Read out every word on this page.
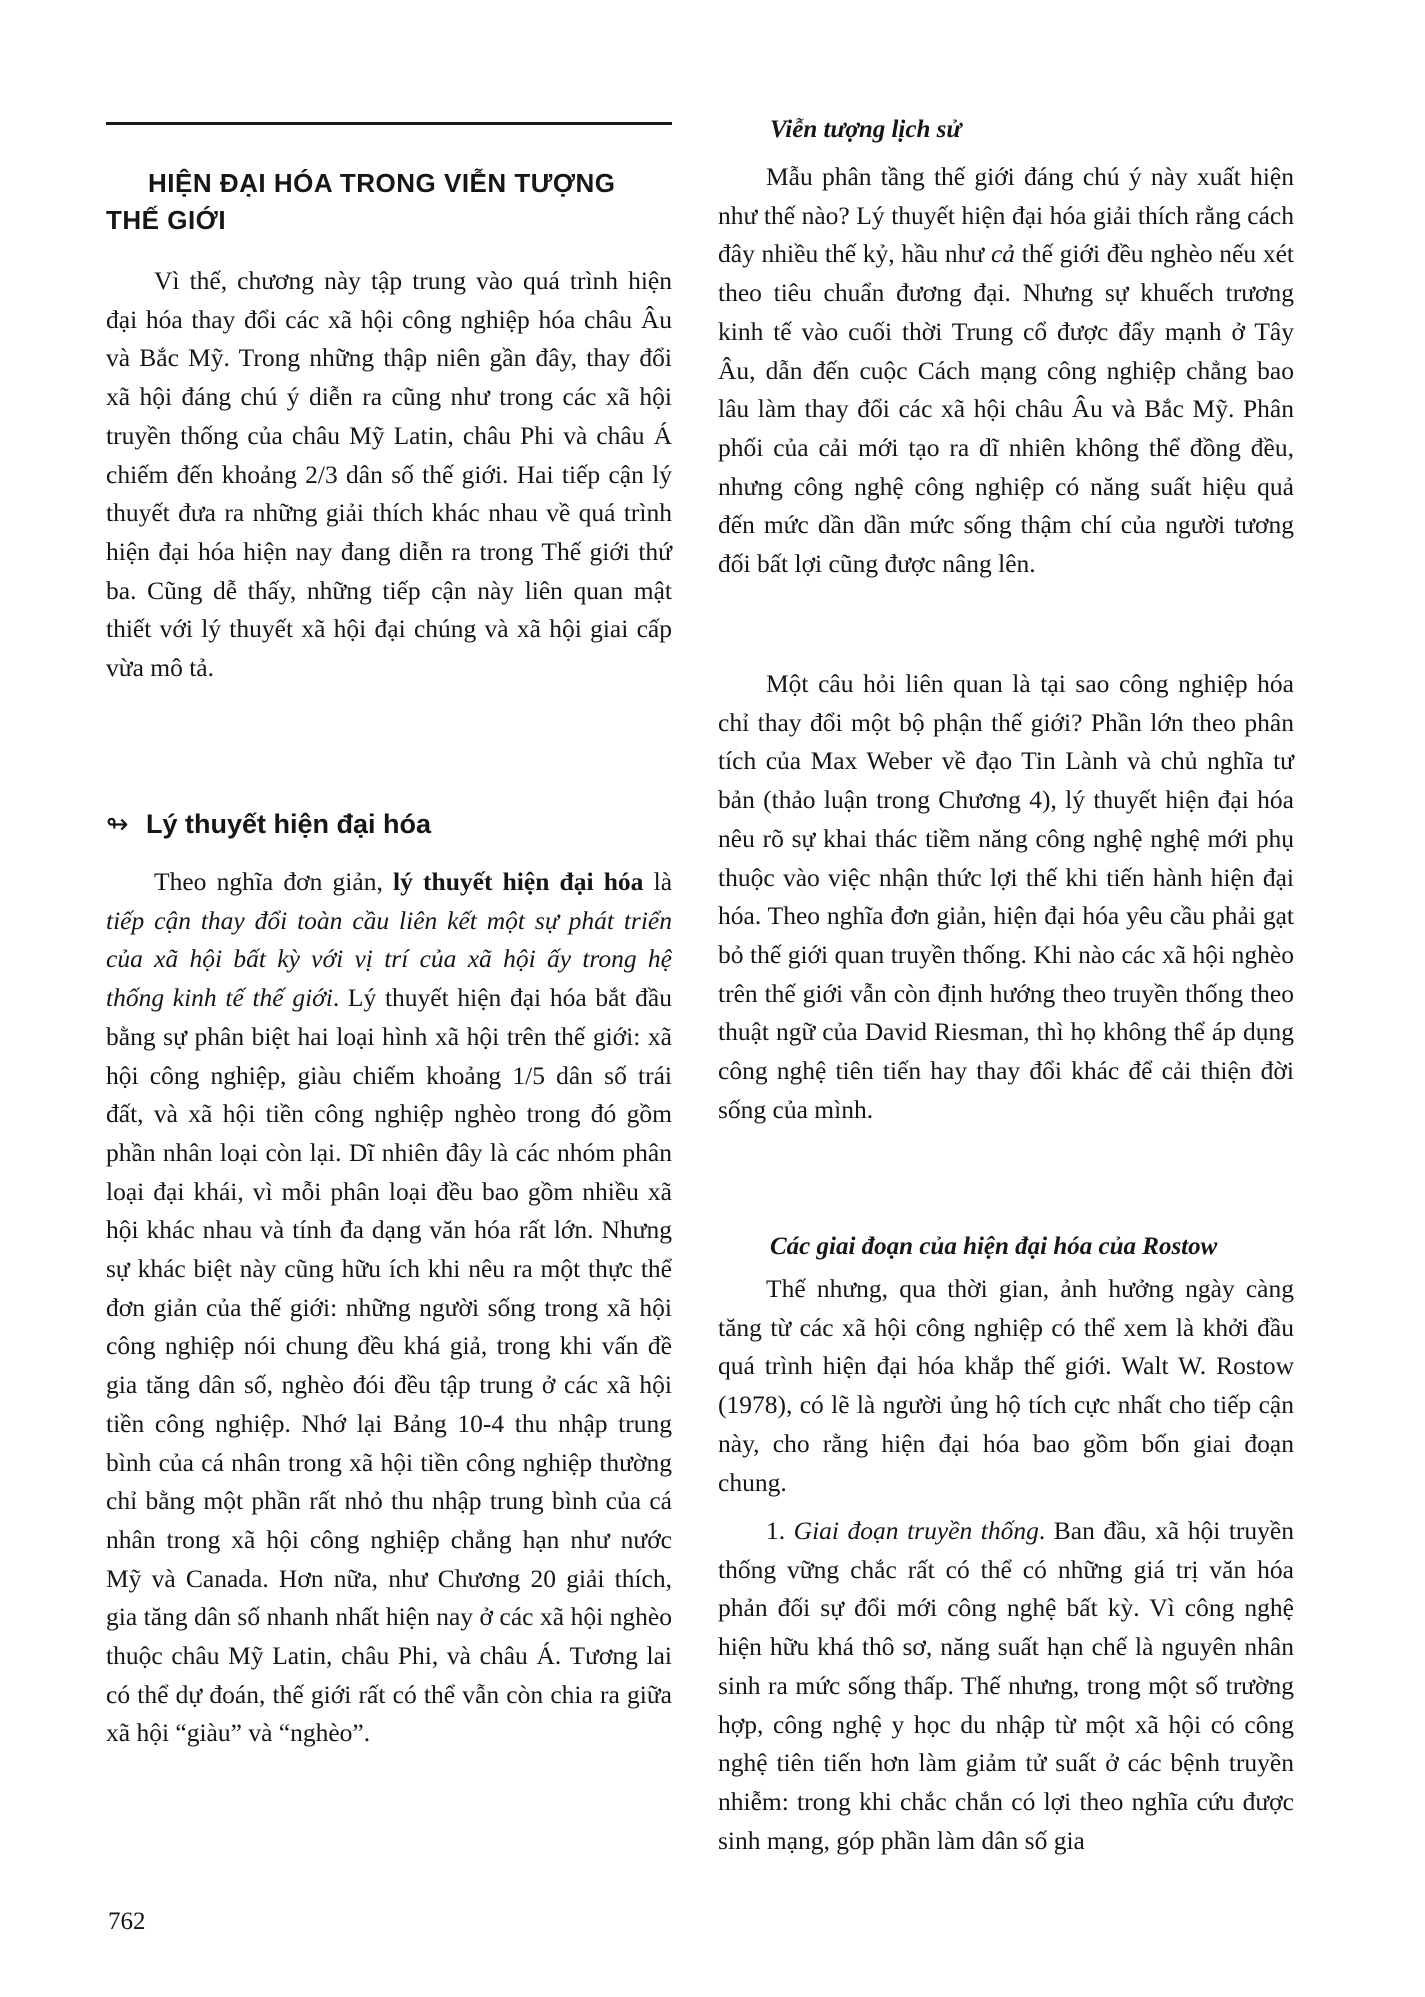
HIỆN ĐẠI HÓA TRONG VIỄN TƯỢNG
THẾ GIỚI

Vì thế, chương này tập trung vào quá trình hiện đại hóa thay đổi các xã hội công nghiệp hóa châu Âu và Bắc Mỹ. Trong những thập niên gần đây, thay đổi xã hội đáng chú ý diễn ra cũng như trong các xã hội truyền thống của châu Mỹ Latin, châu Phi và châu Á chiếm đến khoảng 2/3 dân số thế giới. Hai tiếp cận lý thuyết đưa ra những giải thích khác nhau về quá trình hiện đại hóa hiện nay đang diễn ra trong Thế giới thứ ba. Cũng dễ thấy, những tiếp cận này liên quan mật thiết với lý thuyết xã hội đại chúng và xã hội giai cấp vừa mô tả.

↬ Lý thuyết hiện đại hóa

Theo nghĩa đơn giản, lý thuyết hiện đại hóa là tiếp cận thay đổi toàn cầu liên kết một sự phát triển của xã hội bất kỳ với vị trí của xã hội ấy trong hệ thống kinh tế thế giới. Lý thuyết hiện đại hóa bắt đầu bằng sự phân biệt hai loại hình xã hội trên thế giới: xã hội công nghiệp, giàu chiếm khoảng 1/5 dân số trái đất, và xã hội tiền công nghiệp nghèo trong đó gồm phần nhân loại còn lại. Dĩ nhiên đây là các nhóm phân loại đại khái, vì mỗi phân loại đều bao gồm nhiều xã hội khác nhau và tính đa dạng văn hóa rất lớn. Nhưng sự khác biệt này cũng hữu ích khi nêu ra một thực thể đơn giản của thế giới: những người sống trong xã hội công nghiệp nói chung đều khá giả, trong khi vấn đề gia tăng dân số, nghèo đói đều tập trung ở các xã hội tiền công nghiệp. Nhớ lại Bảng 10-4 thu nhập trung bình của cá nhân trong xã hội tiền công nghiệp thường chỉ bằng một phần rất nhỏ thu nhập trung bình của cá nhân trong xã hội công nghiệp chẳng hạn như nước Mỹ và Canada. Hơn nữa, như Chương 20 giải thích, gia tăng dân số nhanh nhất hiện nay ở các xã hội nghèo thuộc châu Mỹ Latin, châu Phi, và châu Á. Tương lai có thể dự đoán, thế giới rất có thể vẫn còn chia ra giữa xã hội “giàu” và “nghèo”.

762

Viễn tượng lịch sử

Mẫu phân tầng thế giới đáng chú ý này xuất hiện như thế nào? Lý thuyết hiện đại hóa giải thích rằng cách đây nhiều thế kỷ, hầu như cả thế giới đều nghèo nếu xét theo tiêu chuẩn đương đại. Nhưng sự khuếch trương kinh tế vào cuối thời Trung cổ được đẩy mạnh ở Tây Âu, dẫn đến cuộc Cách mạng công nghiệp chẳng bao lâu làm thay đổi các xã hội châu Âu và Bắc Mỹ. Phân phối của cải mới tạo ra dĩ nhiên không thể đồng đều, nhưng công nghệ công nghiệp có năng suất hiệu quả đến mức dần dần mức sống thậm chí của người tương đối bất lợi cũng được nâng lên.

Một câu hỏi liên quan là tại sao công nghiệp hóa chỉ thay đổi một bộ phận thế giới? Phần lớn theo phân tích của Max Weber về đạo Tin Lành và chủ nghĩa tư bản (thảo luận trong Chương 4), lý thuyết hiện đại hóa nêu rõ sự khai thác tiềm năng công nghệ nghệ mới phụ thuộc vào việc nhận thức lợi thế khi tiến hành hiện đại hóa. Theo nghĩa đơn giản, hiện đại hóa yêu cầu phải gạt bỏ thế giới quan truyền thống. Khi nào các xã hội nghèo trên thế giới vẫn còn định hướng theo truyền thống theo thuật ngữ của David Riesman, thì họ không thể áp dụng công nghệ tiên tiến hay thay đổi khác để cải thiện đời sống của mình.

Các giai đoạn của hiện đại hóa của Rostow

Thế nhưng, qua thời gian, ảnh hưởng ngày càng tăng từ các xã hội công nghiệp có thể xem là khởi đầu quá trình hiện đại hóa khắp thế giới. Walt W. Rostow (1978), có lẽ là người ủng hộ tích cực nhất cho tiếp cận này, cho rằng hiện đại hóa bao gồm bốn giai đoạn chung.

1. Giai đoạn truyền thống. Ban đầu, xã hội truyền thống vững chắc rất có thể có những giá trị văn hóa phản đối sự đổi mới công nghệ bất kỳ. Vì công nghệ hiện hữu khá thô sơ, năng suất hạn chế là nguyên nhân sinh ra mức sống thấp. Thế nhưng, trong một số trường hợp, công nghệ y học du nhập từ một xã hội có công nghệ tiên tiến hơn làm giảm tử suất ở các bệnh truyền nhiễm: trong khi chắc chắn có lợi theo nghĩa cứu được sinh mạng, góp phần làm dân số gia
